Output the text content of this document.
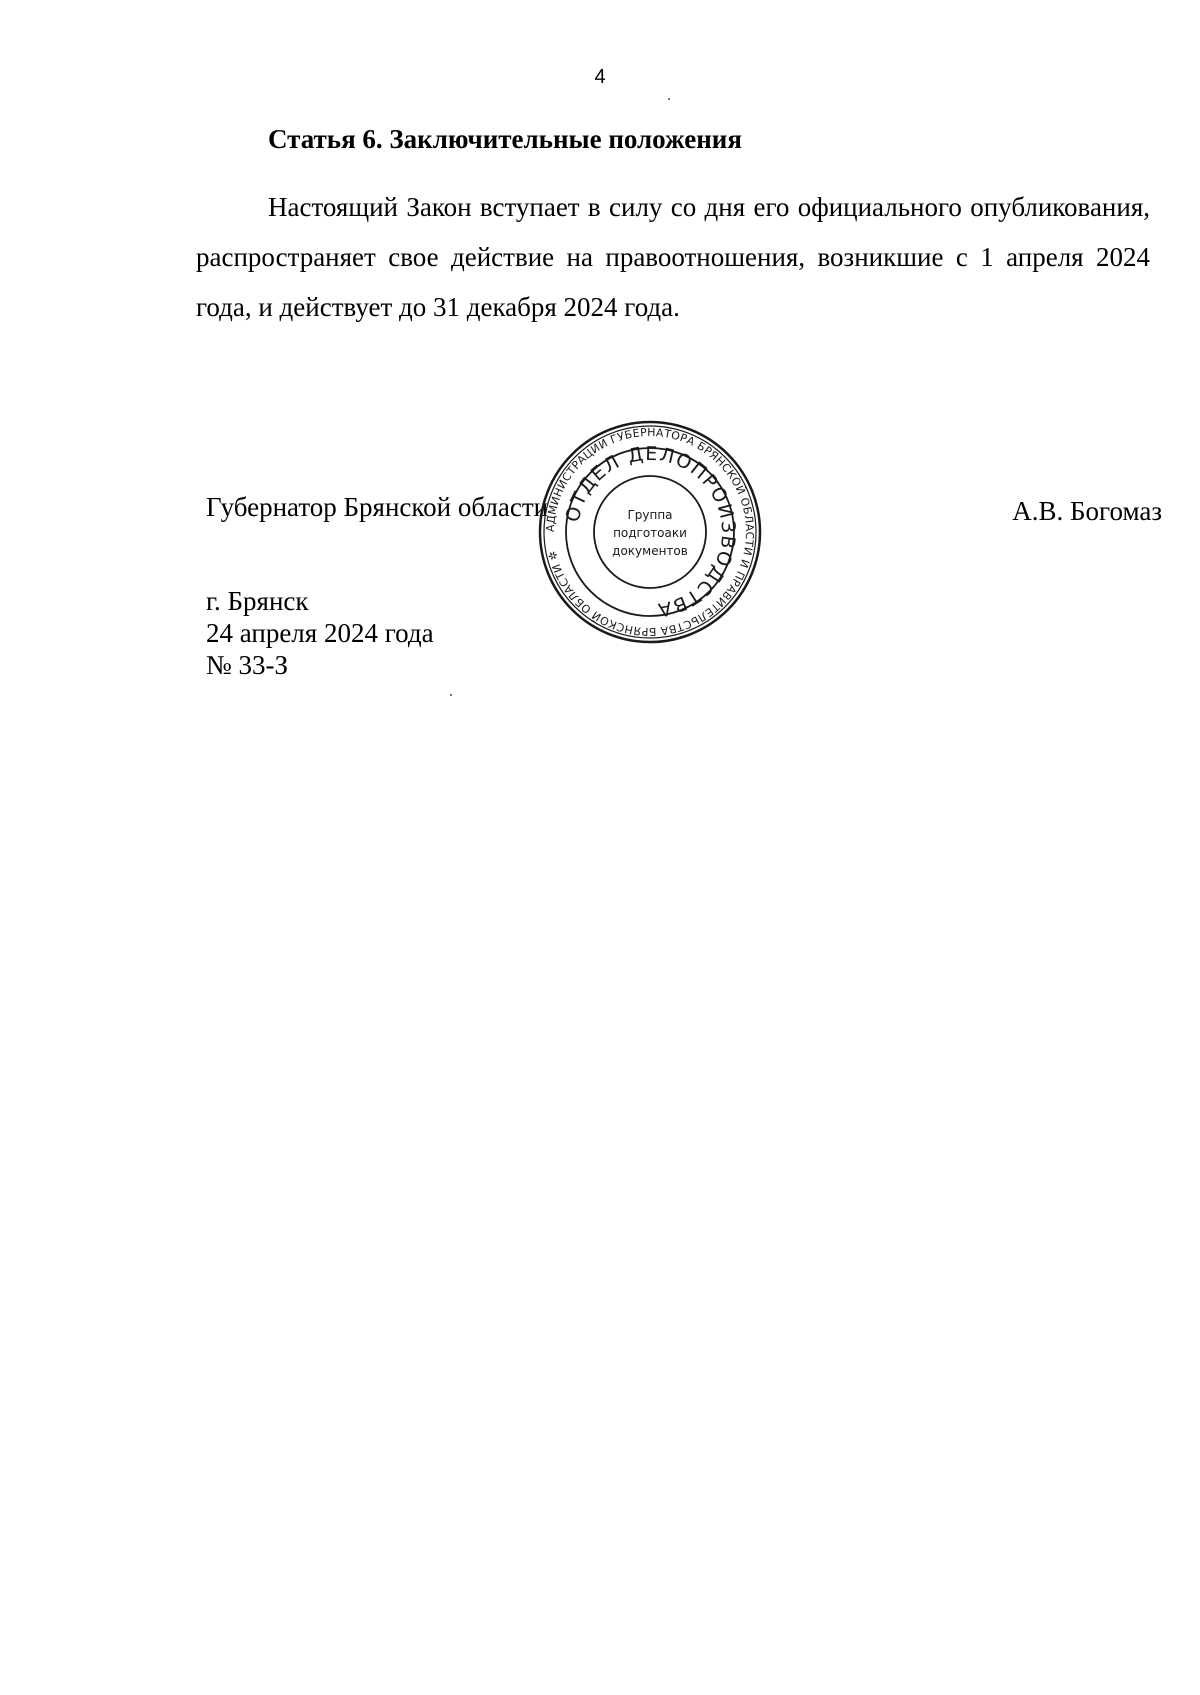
4
Статья 6. Заключительные положения
Настоящий Закон вступает в силу со дня его официального опубликования, распространяет свое действие на правоотношения, возникшие с 1 апреля 2024 года, и действует до 31 декабря 2024 года.
Губернатор Брянской области	А.В. Богомаз
г. Брянск
24 апреля 2024 года
№ 33-З
АДМИНИСТРАЦИИ ГУБЕРНАТОРА БРЯНСКОЙ ОБЛАСТИ И ПРАВИТЕЛЬСТВА БРЯНСКОЙ ОБЛАСТИ ✲
ОТДЕЛ ДЕЛОПРОИЗВОДСТВА
Группа
подготоаки
документов
